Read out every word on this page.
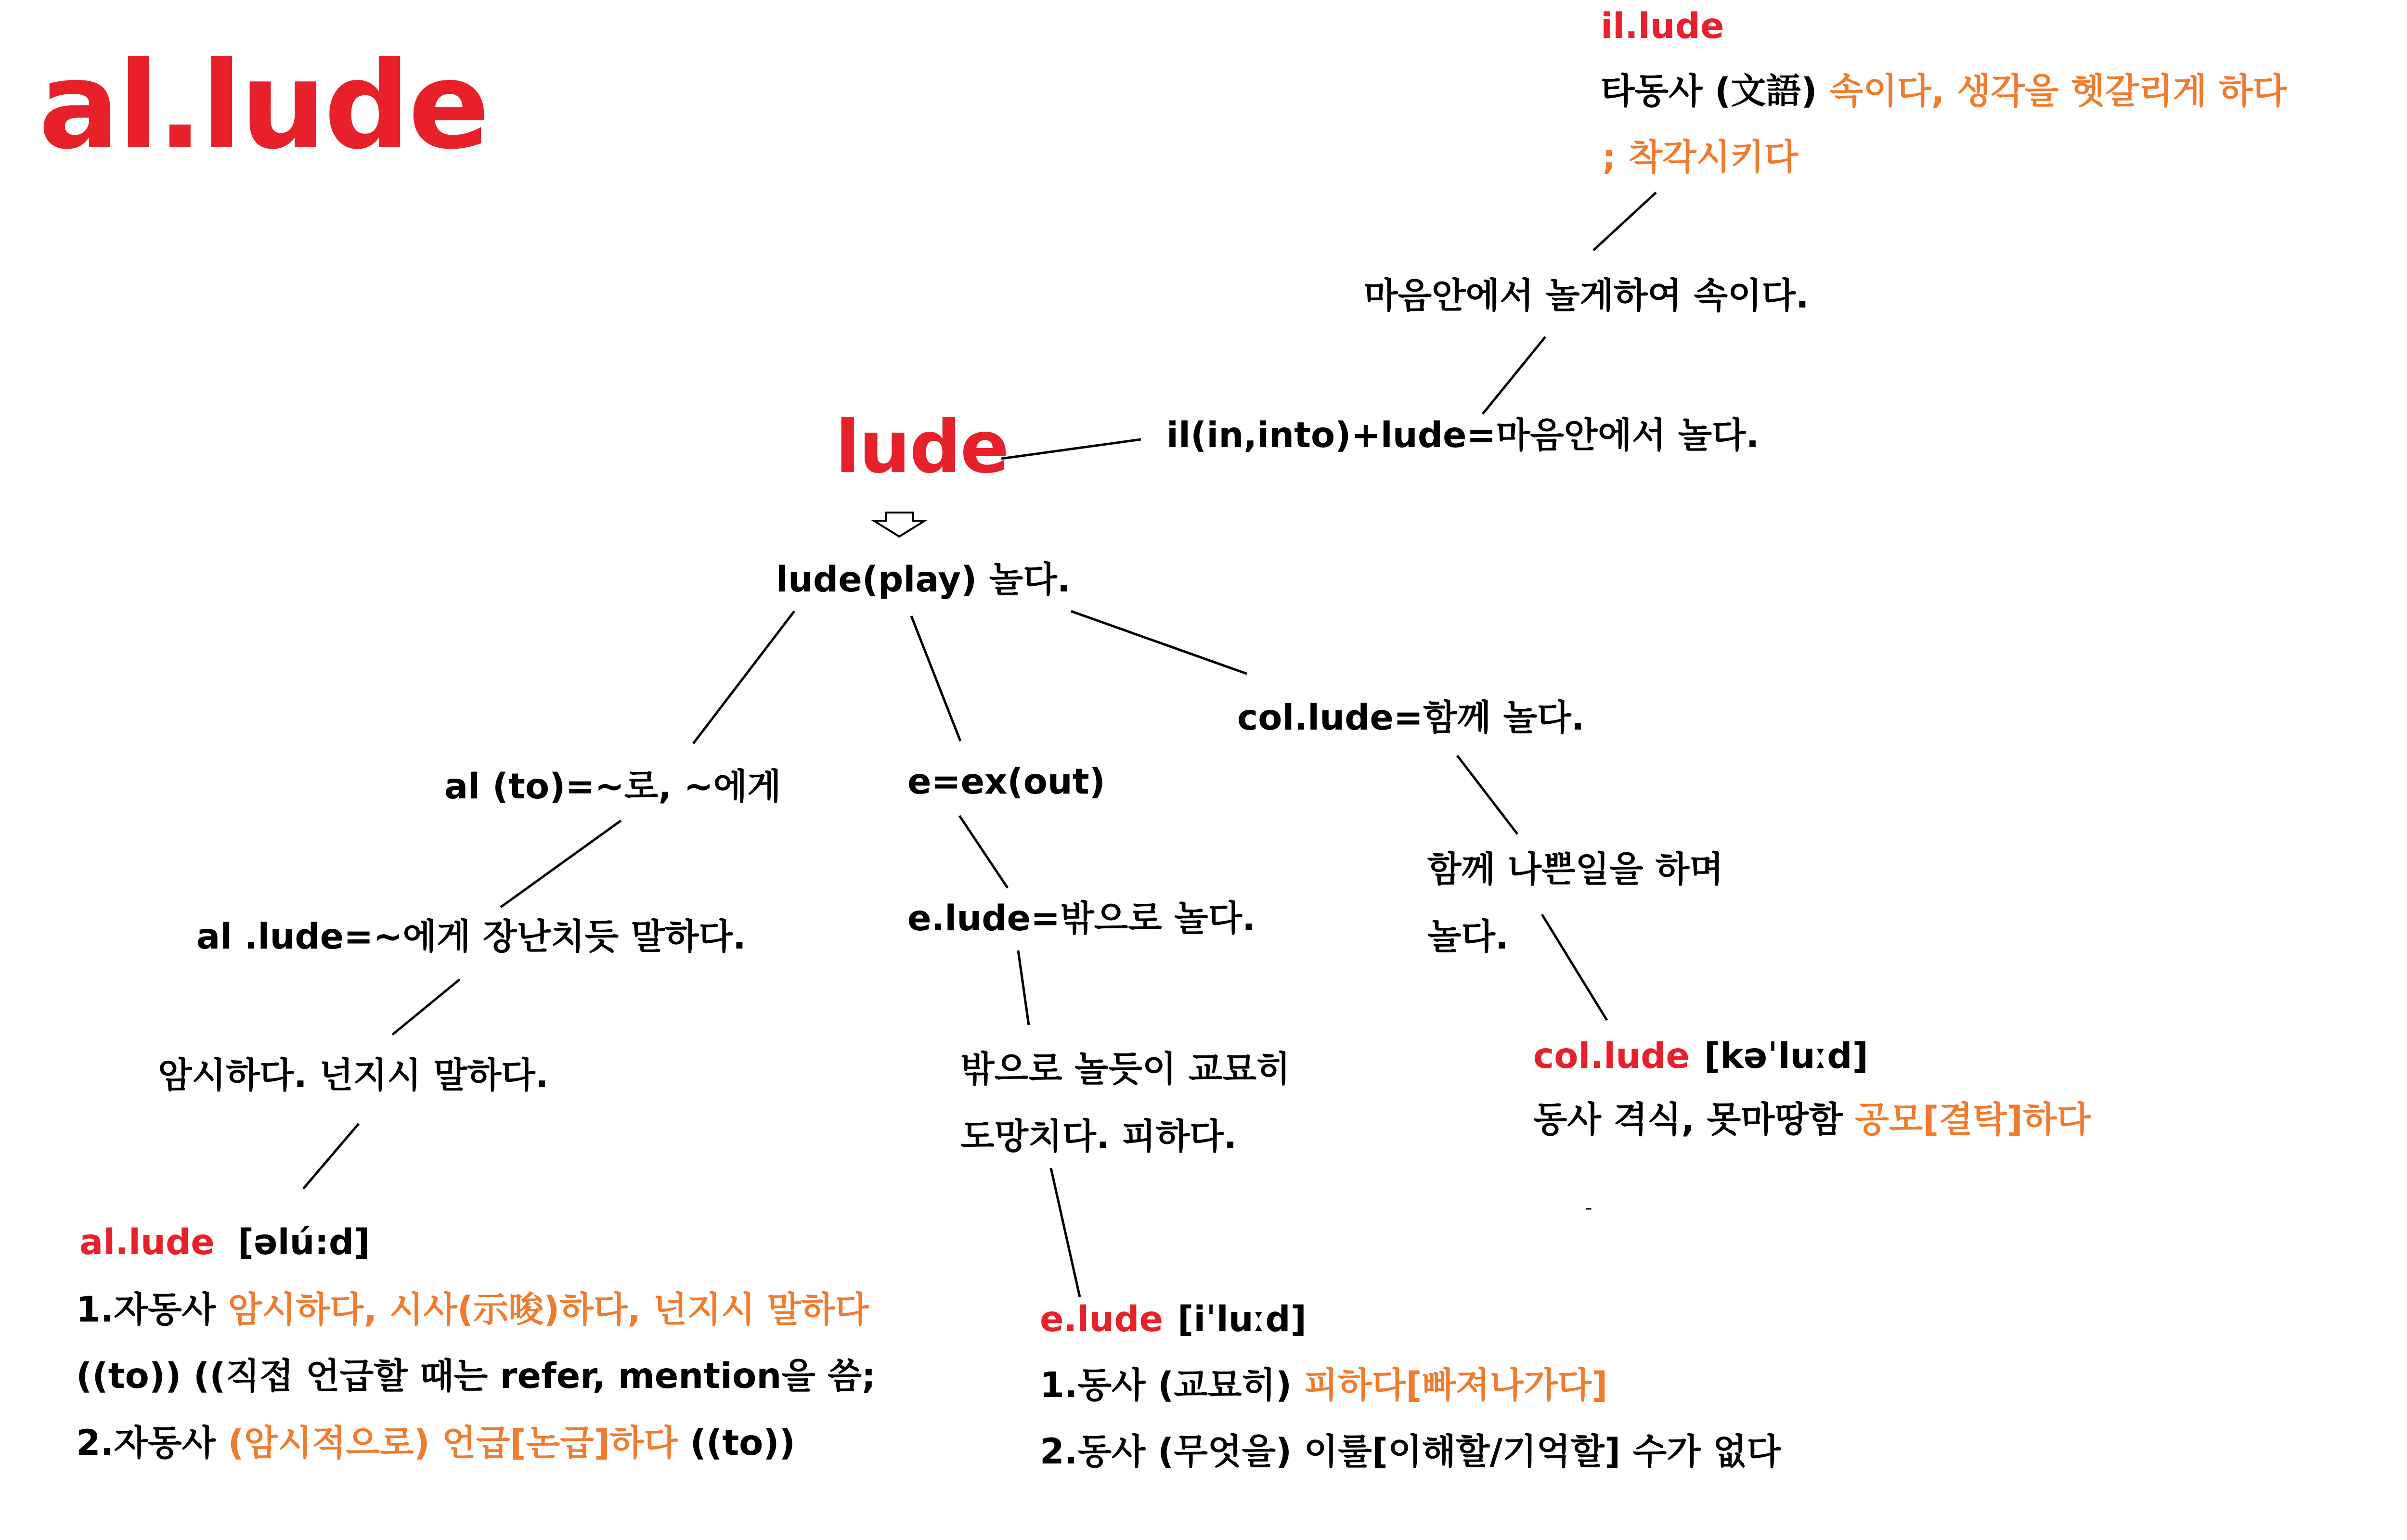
al.lude
lude
lude(play) 놀다.
il(in,into)+lude=마음안에서 놀다.
마음안에서 놀게하여 속이다.
il.lude
타동사 (文語) 속이다, 생각을 헷갈리게 하다
; 착각시키다
al (to)=~로, ~에게
al .lude=~에게 장난치듯 말하다.
암시하다. 넌지시 말하다.
al.lude [əlú:d]
1.자동사 암시하다, 시사(示唆)하다, 넌지시 말하다
((to)) ((직접 언급할 때는 refer, mention을 씀;
2.자동사 (암시적으로) 언급[논급]하다 ((to))
e=ex(out)
e.lude=밖으로 놀다.
밖으로 놀듯이 교묘히
도망치다. 피하다.
e.lude [iˈluːd]
1.동사 (교묘히) 피하다[빠져나가다]
2.동사 (무엇을) 이룰[이해할/기억할] 수가 없다
col.lude=함께 놀다.
함께 나쁜일을 하며
놀다.
col.lude [kəˈluːd]
동사 격식, 못마땅함 공모[결탁]하다
-
